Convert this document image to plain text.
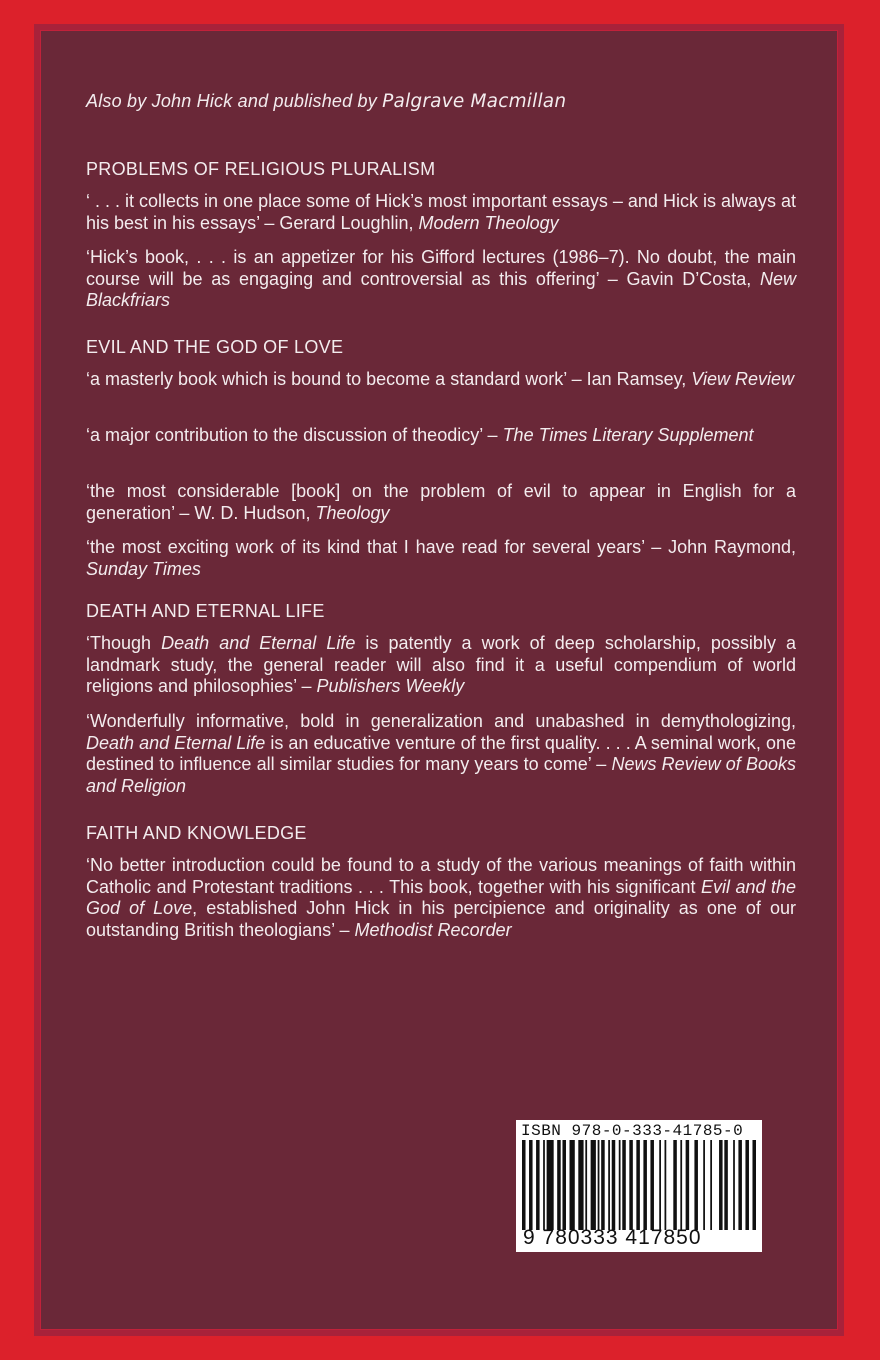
Also by John Hick and published by Palgrave Macmillan
PROBLEMS OF RELIGIOUS PLURALISM
‘ . . . it collects in one place some of Hick’s most important essays – and Hick is always at his best in his essays’ – Gerard Loughlin, Modern Theology
‘Hick’s book, . . . is an appetizer for his Gifford lectures (1986–7). No doubt, the main course will be as engaging and controversial as this offering’ – Gavin D’Costa, New Blackfriars
EVIL AND THE GOD OF LOVE
‘a masterly book which is bound to become a standard work’ – Ian Ramsey, View Review
‘a major contribution to the discussion of theodicy’ – The Times Literary Supplement
‘the most considerable [book] on the problem of evil to appear in English for a generation’ – W. D. Hudson, Theology
‘the most exciting work of its kind that I have read for several years’ – John Raymond, Sunday Times
DEATH AND ETERNAL LIFE
‘Though Death and Eternal Life is patently a work of deep scholarship, possibly a landmark study, the general reader will also find it a useful compendium of world religions and philosophies’ – Publishers Weekly
‘Wonderfully informative, bold in generalization and unabashed in demythologizing, Death and Eternal Life is an educative venture of the first quality. . . . A seminal work, one destined to influence all similar studies for many years to come’ – News Review of Books and Religion
FAITH AND KNOWLEDGE
‘No better introduction could be found to a study of the various meanings of faith within Catholic and Protestant traditions . . . This book, together with his significant Evil and the God of Love, established John Hick in his percipience and originality as one of our outstanding British theologians’ – Methodist Recorder
ISBN 978-0-333-41785-0
9 780333 417850
